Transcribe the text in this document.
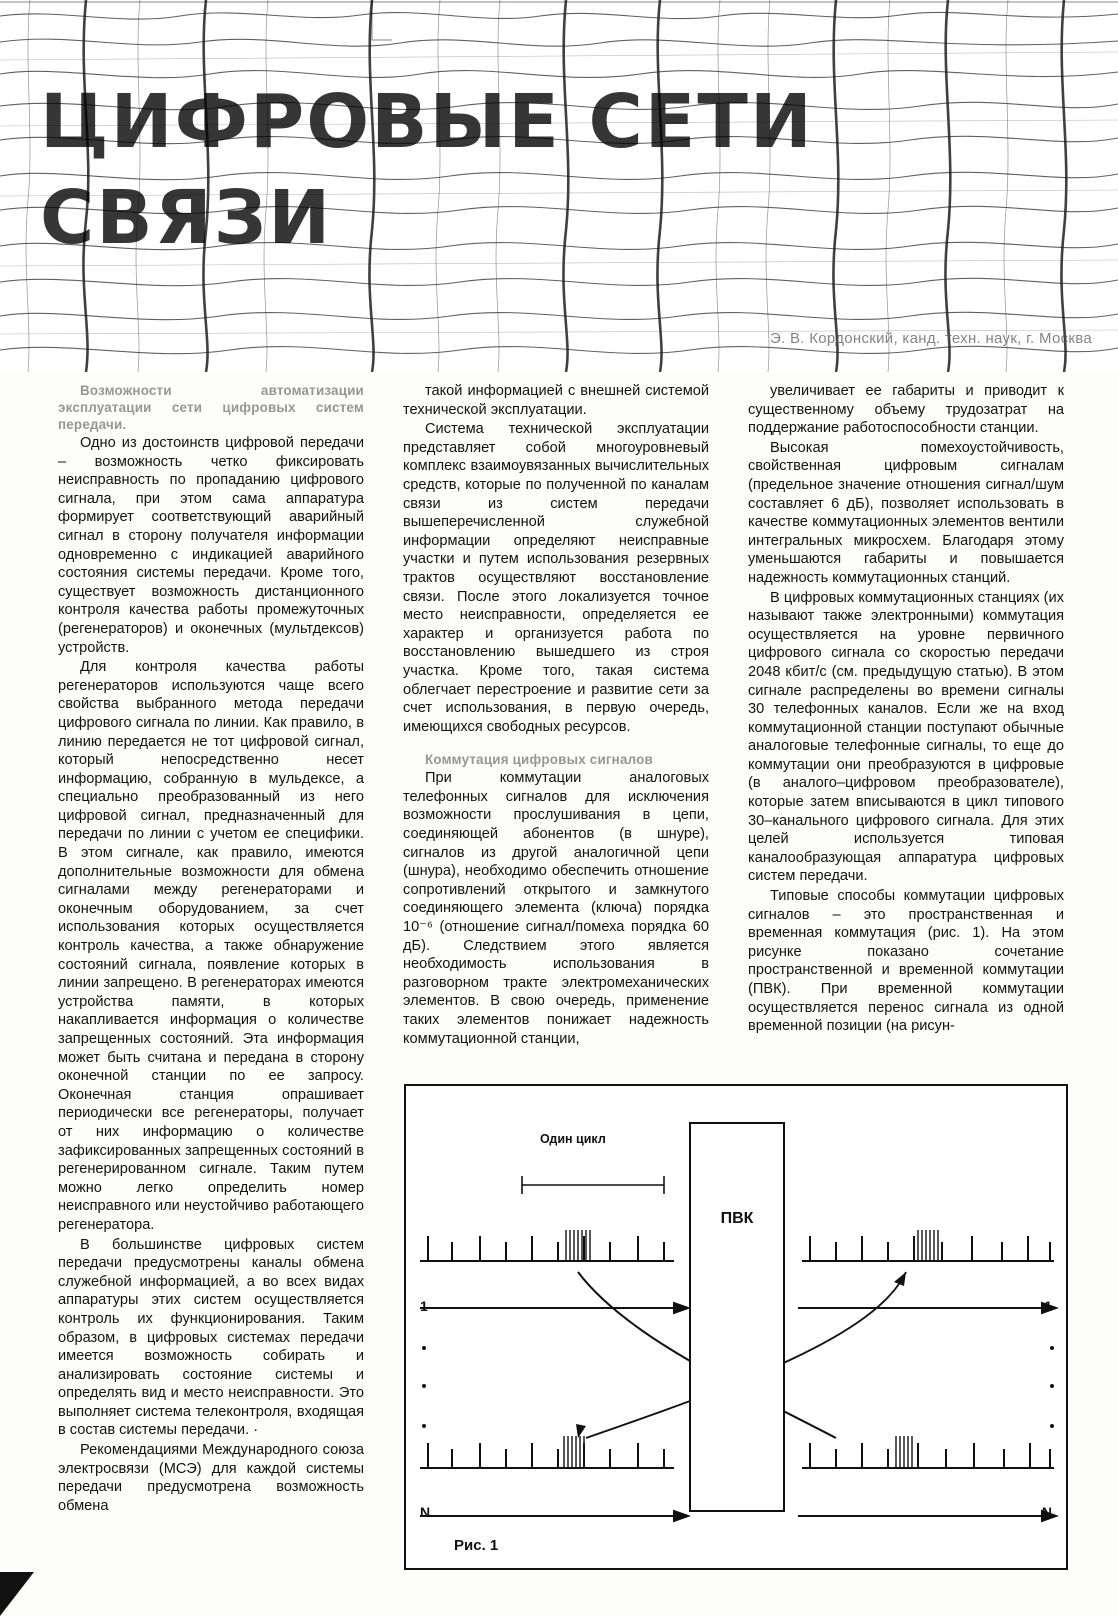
ЦИФРОВЫЕ СЕТИ
СВЯЗИ
Э. В. Кордонский, канд. техн. наук, г. Москва

Возможности автоматизации эксплуатации сети цифровых систем передачи.

Одно из достоинств цифровой передачи – возможность четко фиксировать неисправность по пропаданию цифрового сигнала, при этом сама аппаратура формирует соответствующий аварийный сигнал в сторону получателя информации одновременно с индикацией аварийного состояния системы передачи. Кроме того, существует возможность дистанционного контроля качества работы промежуточных (регенераторов) и оконечных (мультдексов) устройств.

Для контроля качества работы регенераторов используются чаще всего свойства выбранного метода передачи цифрового сигнала по линии. Как правило, в линию передается не тот цифровой сигнал, который непосредственно несет информацию, собранную в мульдексе, а специально преобразованный из него цифровой сигнал, предназначенный для передачи по линии с учетом ее специфики. В этом сигнале, как правило, имеются дополнительные возможности для обмена сигналами между регенераторами и оконечным оборудованием, за счет использования которых осуществляется контроль качества, а также обнаружение состояний сигнала, появление которых в линии запрещено. В регенераторах имеются устройства памяти, в которых накапливается информация о количестве запрещенных состояний. Эта информация может быть считана и передана в сторону оконечной станции по ее запросу. Оконечная станция опрашивает периодически все регенераторы, получает от них информацию о количестве зафиксированных запрещенных состояний в регенерированном сигнале. Таким путем можно легко определить номер неисправного или неустойчиво работающего регенератора.

В большинстве цифровых систем передачи предусмотрены каналы обмена служебной информацией, а во всех видах аппаратуры этих систем осуществляется контроль их функционирования. Таким образом, в цифровых системах передачи имеется возможность собирать и анализировать состояние системы и определять вид и место неисправности. Это выполняет система телеконтроля, входящая в состав системы передачи. ·

Рекомендациями Международного союза электросвязи (МСЭ) для каждой системы передачи предусмотрена возможность обмена

такой информацией с внешней системой технической эксплуатации.

Система технической эксплуатации представляет собой многоуровневый комплекс взаимоувязанных вычислительных средств, которые по полученной по каналам связи из систем передачи вышеперечисленной служебной информации определяют неисправные участки и путем использования резервных трактов осуществляют восстановление связи. После этого локализуется точное место неисправности, определяется ее характер и организуется работа по восстановлению вышедшего из строя участка. Кроме того, такая система облегчает перестроение и развитие сети за счет использования, в первую очередь, имеющихся свободных ресурсов.

Коммутация цифровых сигналов

При коммутации аналоговых телефонных сигналов для исключения возможности прослушивания в цепи, соединяющей абонентов (в шнуре), сигналов из другой аналогичной цепи (шнура), необходимо обеспечить отношение сопротивлений открытого и замкнутого соединяющего элемента (ключа) порядка 10⁻⁶ (отношение сигнал/помеха порядка 60 дБ). Следствием этого является необходимость использования в разговорном тракте электромеханических элементов. В свою очередь, применение таких элементов понижает надежность коммутационной станции,

увеличивает ее габариты и приводит к существенному объему трудозатрат на поддержание работоспособности станции.

Высокая помехоустойчивость, свойственная цифровым сигналам (предельное значение отношения сигнал/шум составляет 6 дБ), позволяет использовать в качестве коммутационных элементов вентили интегральных микросхем. Благодаря этому уменьшаются габариты и повышается надежность коммутационных станций.

В цифровых коммутационных станциях (их называют также электронными) коммутация осуществляется на уровне первичного цифрового сигнала со скоростью передачи 2048 кбит/с (см. предыдущую статью). В этом сигнале распределены во времени сигналы 30 телефонных каналов. Если же на вход коммутационной станции поступают обычные аналоговые телефонные сигналы, то еще до коммутации они преобразуются в цифровые (в аналого–цифровом преобразователе), которые затем вписываются в цикл типового 30–канального цифрового сигнала. Для этих целей используется типовая каналообразующая аппаратура цифровых систем передачи.

Типовые способы коммутации цифровых сигналов – это пространственная и временная коммутация (рис. 1). На этом рисунке показано сочетание пространственной и временной коммутации (ПВК). При временной коммутации осуществляется перенос сигнала из одной временной позиции (на рисун-

Один цикл
ПВК
1	1
N	N
Рис. 1
